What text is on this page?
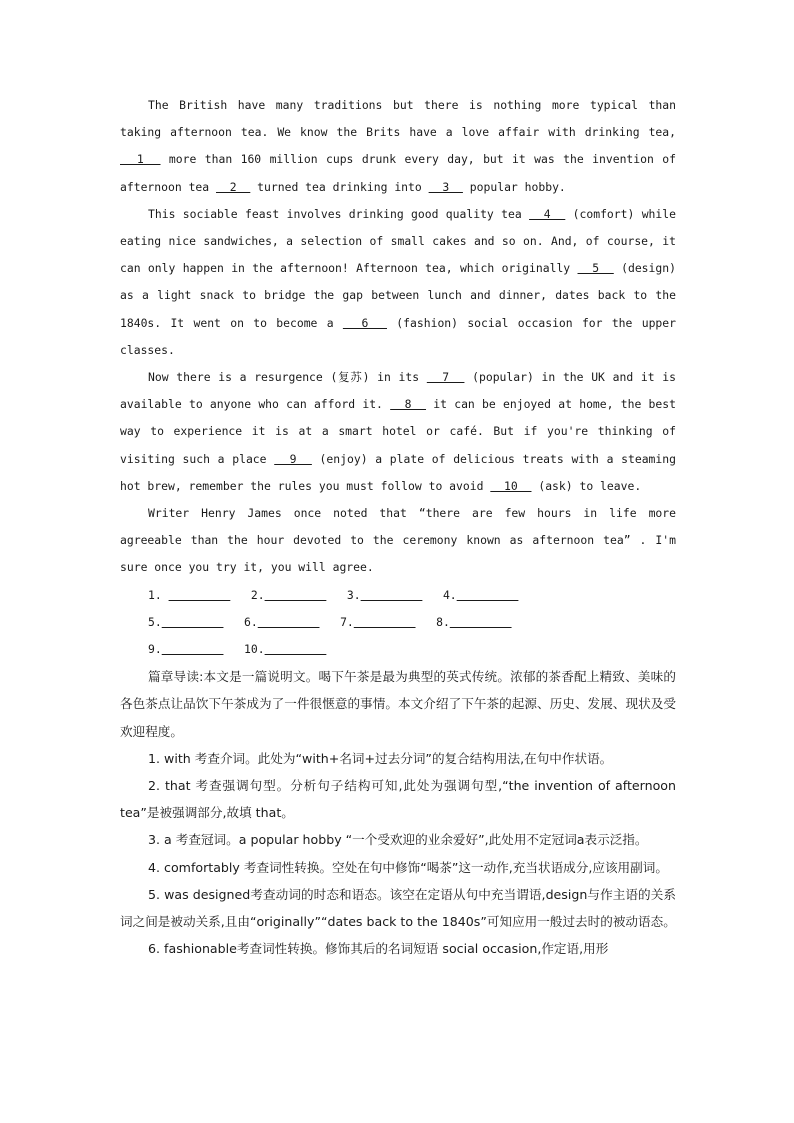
The British have many traditions but there is nothing more typical than taking afternoon tea. We know the Brits have a love affair with drinking tea,   1   more than 160 million cups drunk every day, but it was the invention of afternoon tea   2   turned tea drinking into   3   popular hobby.

This sociable feast involves drinking good quality tea   4   (comfort) while eating nice sandwiches, a selection of small cakes and so on. And, of course, it can only happen in the afternoon! Afternoon tea, which originally   5   (design) as a light snack to bridge the gap between lunch and dinner, dates back to the 1840s. It went on to become a   6   (fashion) social occasion for the upper classes.

Now there is a resurgence (复苏) in its   7   (popular) in the UK and it is available to anyone who can afford it.   8   it can be enjoyed at home, the best way to experience it is at a smart hotel or café. But if you're thinking of visiting such a place   9   (enjoy) a plate of delicious treats with a steaming hot brew, remember the rules you must follow to avoid   10   (ask) to leave.

Writer Henry James once noted that “there are few hours in life more agreeable than the hour devoted to the ceremony known as afternoon tea” . I'm sure once you try it, you will agree.

1.	2.	3.	4.
5.	6.	7.	8.
9.	10.

篇章导读:本文是一篇说明文。喝下午茶是最为典型的英式传统。浓郁的茶香配上精致、美味的各色茶点让品饮下午茶成为了一件很惬意的事情。本文介绍了下午茶的起源、历史、发展、现状及受欢迎程度。

1. with 考查介词。此处为“with+名词+过去分词”的复合结构用法,在句中作状语。

2. that 考查强调句型。分析句子结构可知,此处为强调句型,“the invention of afternoon tea”是被强调部分,故填 that。

3. a 考查冠词。a popular hobby “一个受欢迎的业余爱好”,此处用不定冠词a表示泛指。

4. comfortably 考查词性转换。空处在句中修饰“喝茶”这一动作,充当状语成分,应该用副词。

5. was designed考查动词的时态和语态。该空在定语从句中充当谓语,design与作主语的关系词之间是被动关系,且由“originally”“dates back to the 1840s”可知应用一般过去时的被动语态。

6. fashionable考查词性转换。修饰其后的名词短语 social occasion,作定语,用形
